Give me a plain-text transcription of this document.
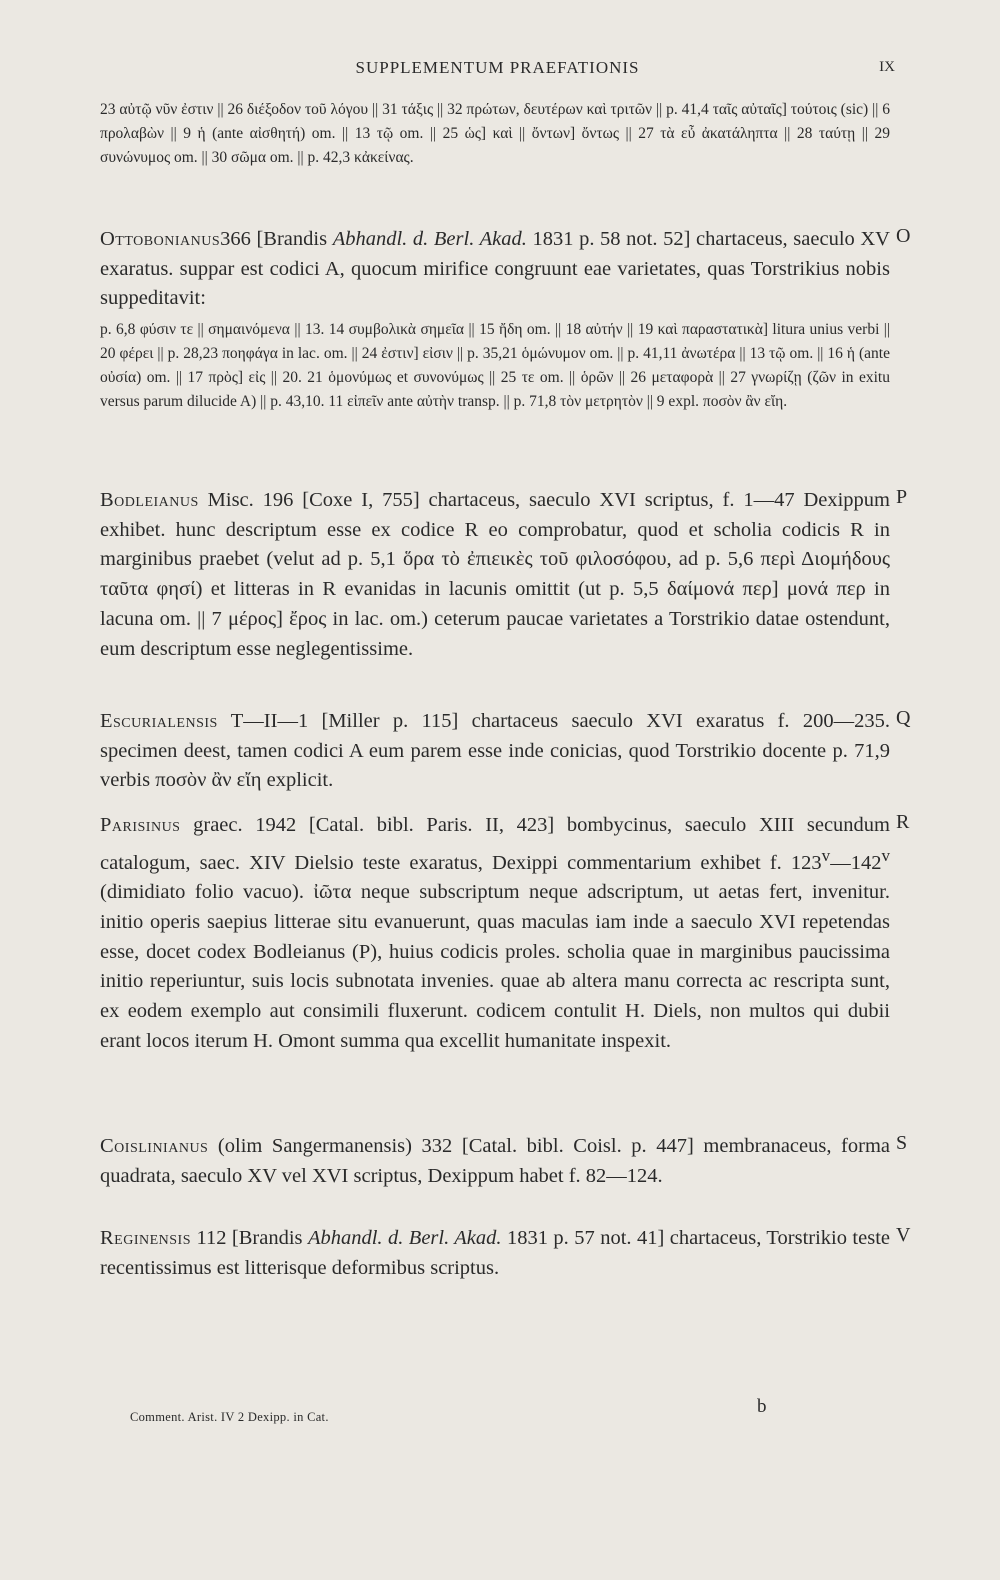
SUPPLEMENTUM PRAEFATIONIS	IX

23 αὐτῷ νῦν ἐστιν || 26 διέξοδον τοῦ λόγου || 31 τάξις || 32 πρώτων, δευτέρων καὶ τριτῶν || p. 41,4 ταῖς αὐταῖς] τούτοις (sic) || 6 προλαβὼν || 9 ἡ (ante αἰσθητή) om. || 13 τῷ om. || 25 ὡς] καὶ || ὄντων] ὄντως || 27 τὰ εὖ ἀκατάληπτα || 28 ταύτῃ || 29 συνώνυμος om. || 30 σῶμα om. || p. 42,3 κἀκείνας.

Ottobonianus366 [Brandis Abhandl. d. Berl. Akad. 1831 p. 58 not. 52] chartaceus, saeculo XV exaratus. suppar est codici A, quocum mirifice congruunt eae varietates, quas Torstrikius nobis suppeditavit:

O

p. 6,8 φύσιν τε || σημαινόμενα || 13. 14 συμβολικὰ σημεῖα || 15 ἤδη om. || 18 αὐτήν || 19 καὶ παραστατικὰ] litura unius verbi || 20 φέρει || p. 28,23 ποηφάγα in lac. om. || 24 ἐστιν] εἰσιν || p. 35,21 ὁμώνυμον om. || p. 41,11 ἀνωτέρα || 13 τῷ om. || 16 ἡ (ante οὐσία) om. || 17 πρὸς] εἰς || 20. 21 ὁμονύμως et συνονύμως || 25 τε om. || ὁρῶν || 26 μεταφορὰ || 27 γνωρίζῃ (ζῶν in exitu versus parum dilucide A) || p. 43,10. 11 εἰπεῖν ante αὐτὴν transp. || p. 71,8 τὸν μετρητὸν || 9 expl. ποσὸν ἂν εἴη.

Bodleianus Misc. 196 [Coxe I, 755] chartaceus, saeculo XVI scriptus, f. 1—47 Dexippum exhibet. hunc descriptum esse ex codice R eo comprobatur, quod et scholia codicis R in marginibus praebet (velut ad p. 5,1 ὅρα τὸ ἐπιεικὲς τοῦ φιλοσόφου, ad p. 5,6 περὶ Διομήδους ταῦτα φησί) et litteras in R evanidas in lacunis omittit (ut p. 5,5 δαίμονά περ] μονά περ in lacuna om. || 7 μέρος] ἔρος in lac. om.) ceterum paucae varietates a Torstrikio datae ostendunt, eum descriptum esse neglegentissime.

P

Escurialensis T—II—1 [Miller p. 115] chartaceus saeculo XVI exaratus f. 200—235. specimen deest, tamen codici A eum parem esse inde conicias, quod Torstrikio docente p. 71,9 verbis ποσὸν ἂν εἴη explicit.

Q

Parisinus graec. 1942 [Catal. bibl. Paris. II, 423] bombycinus, saeculo XIII secundum catalogum, saec. XIV Dielsio teste exaratus, Dexippi commentarium exhibet f. 123$^v$—142$^v$ (dimidiato folio vacuo). ἰῶτα neque subscriptum neque adscriptum, ut aetas fert, invenitur. initio operis saepius litterae situ evanuerunt, quas maculas iam inde a saeculo XVI repetendas esse, docet codex Bodleianus (P), huius codicis proles. scholia quae in marginibus paucissima initio reperiuntur, suis locis subnotata invenies. quae ab altera manu correcta ac rescripta sunt, ex eodem exemplo aut consimili fluxerunt. codicem contulit H. Diels, non multos qui dubii erant locos iterum H. Omont summa qua excellit humanitate inspexit.

R

Coislinianus (olim Sangermanensis) 332 [Catal. bibl. Coisl. p. 447] membranaceus, forma quadrata, saeculo XV vel XVI scriptus, Dexippum habet f. 82—124.

S

Reginensis 112 [Brandis Abhandl. d. Berl. Akad. 1831 p. 57 not. 41] chartaceus, Torstrikio teste recentissimus est litterisque deformibus scriptus.

V
Comment. Arist. IV 2 Dexipp. in Cat.	b
